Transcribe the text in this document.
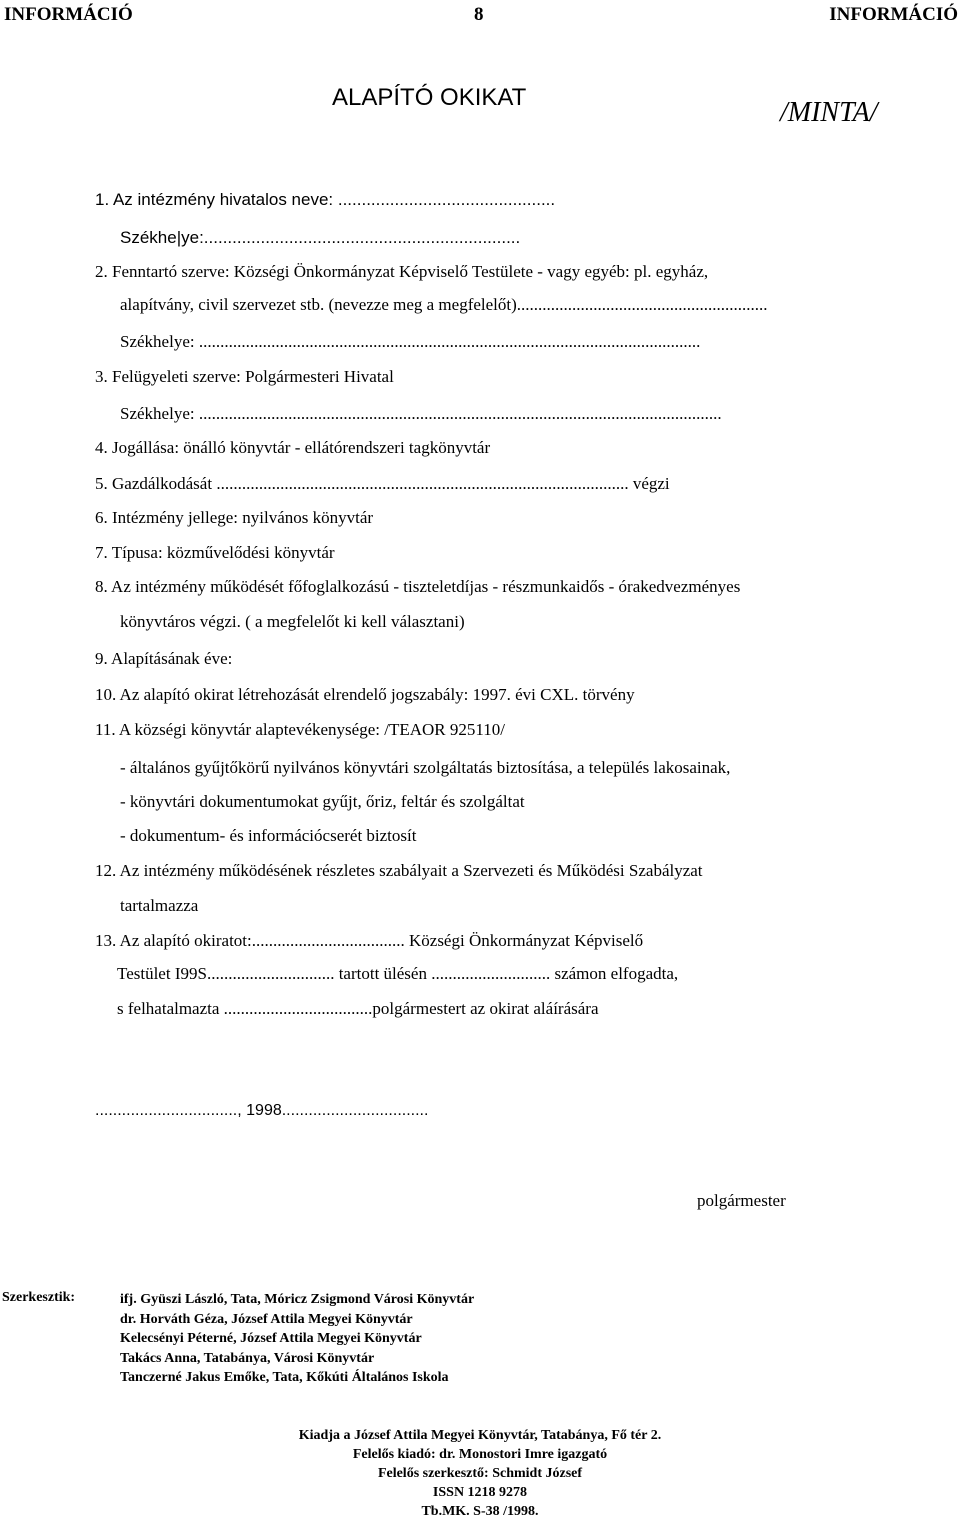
INFORMÁCIÓ	8	INFORMÁCIÓ
ALAPÍTÓ OKIKAT	/MINTA/
1. Az intézmény hivatalos neve: ..............................................
Székhe|ye:...................................................................
2. Fenntartó szerve: Községi Önkormányzat Képviselő Testülete - vagy egyéb: pl. egyház,
alapítvány, civil szervezet stb. (nevezze meg a megfelelőt)...........................................................
Székhelye: ......................................................................................................................
3. Felügyeleti szerve: Polgármesteri Hivatal
Székhelye: ...........................................................................................................................
4. Jogállása: önálló könyvtár - ellátórendszeri tagkönyvtár
5. Gazdálkodását ................................................................................................. végzi
6. Intézmény jellege: nyilvános könyvtár
7. Típusa: közművelődési könyvtár
8. Az intézmény működését főfoglalkozású - tiszteletdíjas - részmunkaidős - órakedvezményes
könyvtáros végzi. ( a megfelelőt ki kell választani)
9. Alapításának éve:
10. Az alapító okirat létrehozását elrendelő jogszabály: 1997. évi CXL. törvény
11. A községi könyvtár alaptevékenysége: /TEAOR 925110/
- általános gyűjtőkörű nyilvános könyvtári szolgáltatás biztosítása, a település lakosainak,
- könyvtári dokumentumokat gyűjt, őriz, feltár és szolgáltat
- dokumentum- és információcserét biztosít
12. Az intézmény működésének részletes szabályait a Szervezeti és Működési Szabályzat
tartalmazza
13. Az alapító okiratot:.................................... Községi Önkormányzat Képviselő
Testület I99S.............................. tartott ülésén ............................ számon elfogadta,
s felhatalmazta ...................................polgármestert az okirat aláírására
................................, 1998.................................
polgármester
Szerkesztik:	ifj. Gyüszi László, Tata, Móricz Zsigmond Városi Könyvtár
dr. Horváth Géza, József Attila Megyei Könyvtár
Kelecsényi Péterné, József Attila Megyei Könyvtár
Takács Anna, Tatabánya, Városi Könyvtár
Tanczerné Jakus Emőke, Tata, Kőkúti Általános Iskola
Kiadja a József Attila Megyei Könyvtár, Tatabánya, Fő tér 2.
Felelős kiadó: dr. Monostori Imre igazgató
Felelős szerkesztő: Schmidt József
ISSN 1218 9278
Tb.MK. S-38 /1998.
